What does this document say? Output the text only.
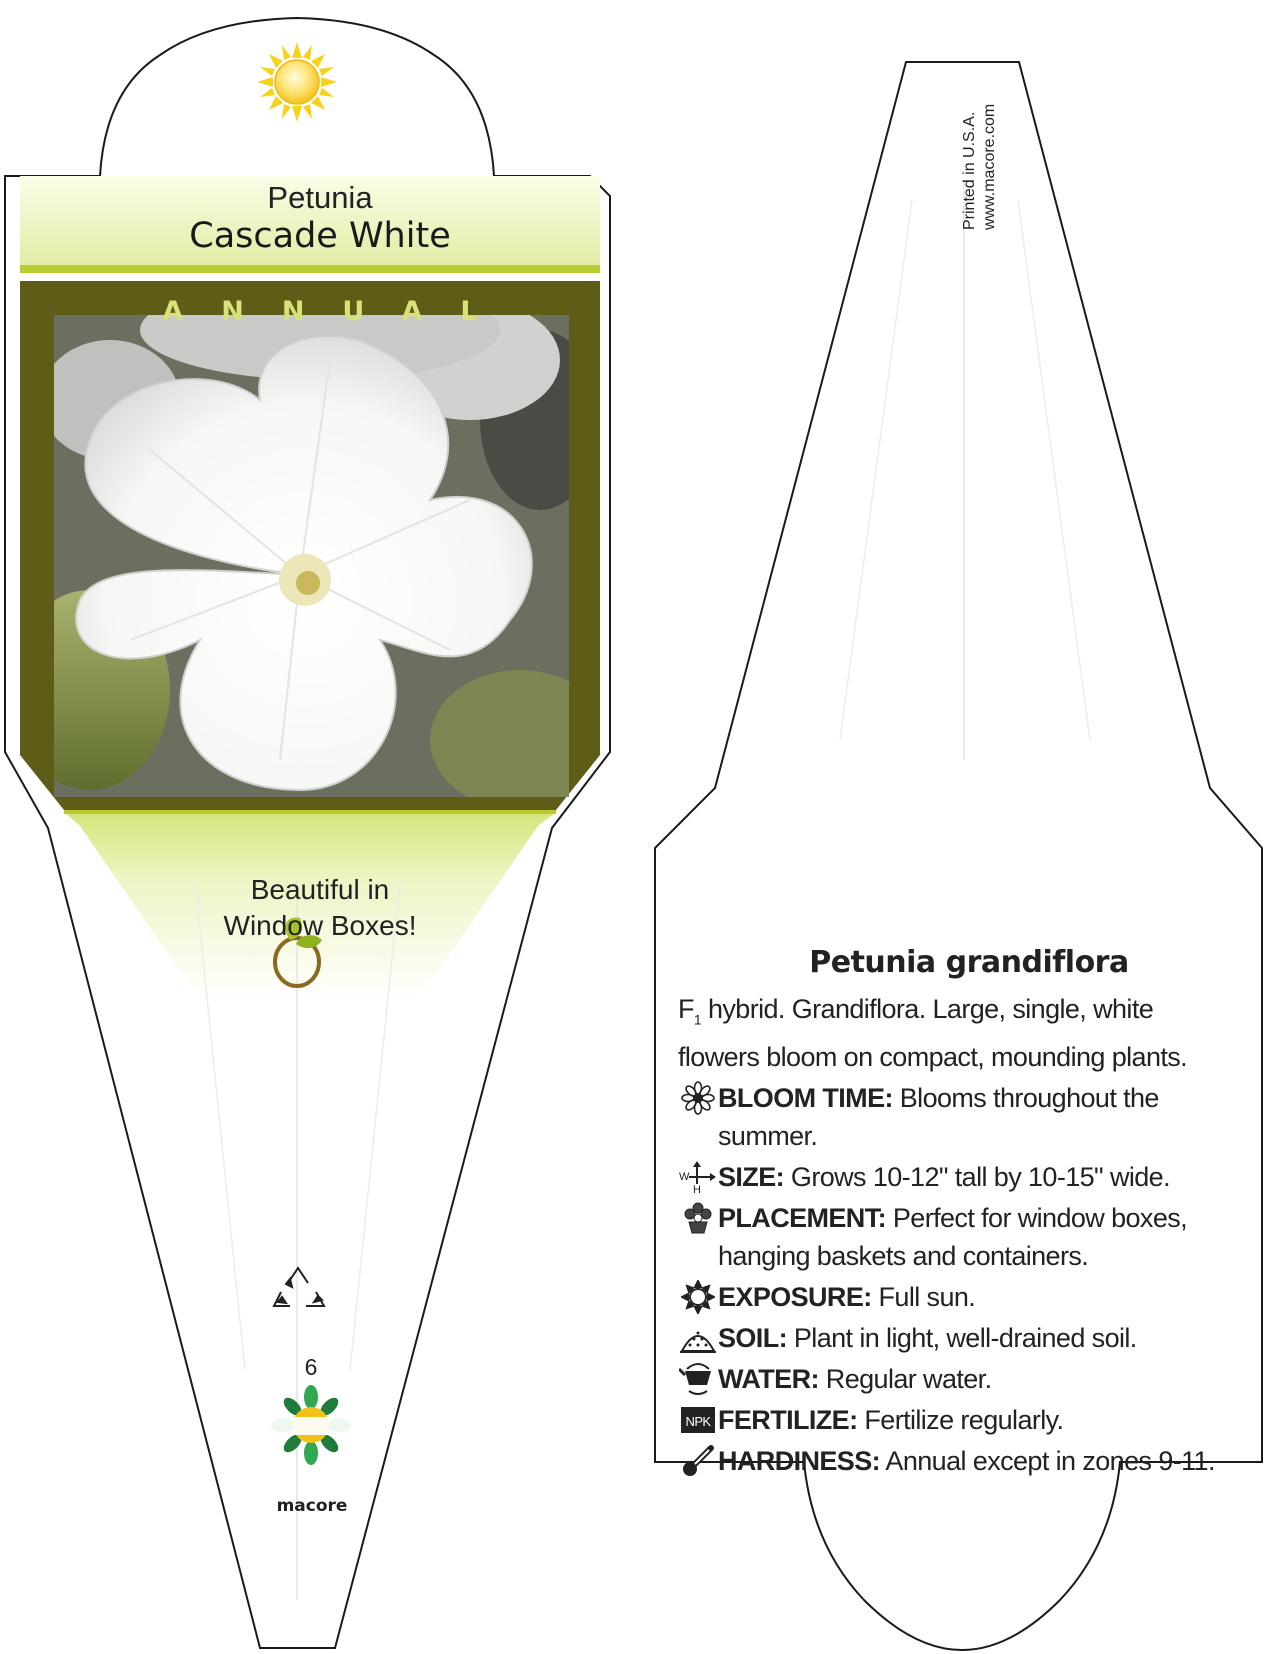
Petunia
Cascade White
ANNUAL
Beautiful in
Window Boxes!
6
macore
Printed in U.S.A. www.macore.com
Petunia grandiflora

$F_1$ hybrid. Grandiflora. Large, single, white flowers bloom on compact, mounding plants.

BLOOM TIME: Blooms throughout the summer.
W
H SIZE: Grows 10-12" tall by 10-15" wide.
PLACEMENT: Perfect for window boxes, hanging baskets and containers.
EXPOSURE: Full sun.
SOIL: Plant in light, well-drained soil.
WATER: Regular water.
NPK FERTILIZE: Fertilize regularly.
HARDINESS: Annual except in zones 9-11.
